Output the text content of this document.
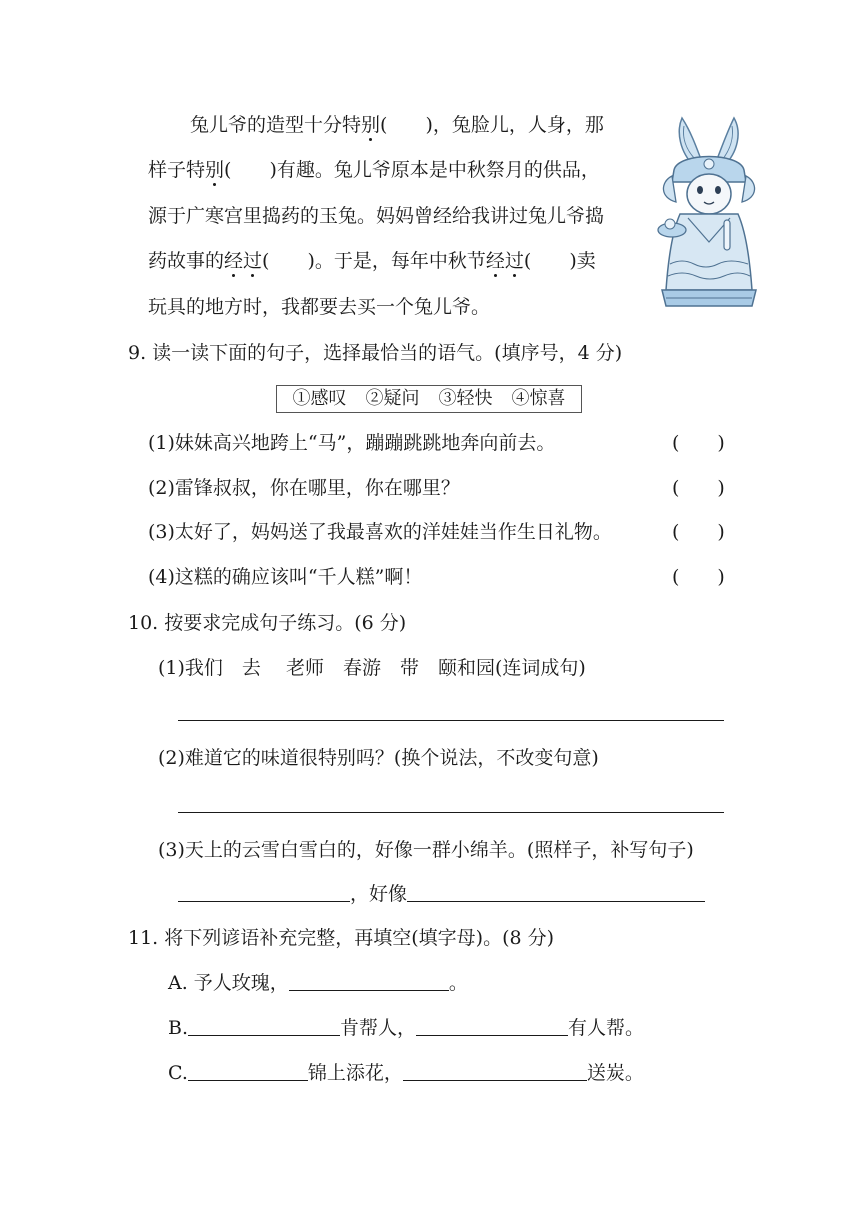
兔儿爷的造型十分特别(　　)，兔脸儿，人身，那
样子特别(　　)有趣。兔儿爷原本是中秋祭月的供品，
源于广寒宫里捣药的玉兔。妈妈曾经给我讲过兔儿爷捣
药故事的经过(　　)。于是，每年中秋节经过(　　)卖
玩具的地方时，我都要去买一个兔儿爷。
9. 读一读下面的句子，选择最恰当的语气。(填序号，4 分)
①感叹 ②疑问 ③轻快 ④惊喜
(1)妹妹高兴地跨上“马”，蹦蹦跳跳地奔向前去。	(　　)
(2)雷锋叔叔，你在哪里，你在哪里？	(　　)
(3)太好了，妈妈送了我最喜欢的洋娃娃当作生日礼物。	(　　)
(4)这糕的确应该叫“千人糕”啊！	(　　)
10. 按要求完成句子练习。(6 分)
(1)我们　去　 老师　春游　带　颐和园(连词成句)
(2)难道它的味道很特别吗？(换个说法，不改变句意)
(3)天上的云雪白雪白的，好像一群小绵羊。(照样子，补写句子)
，好像
11. 将下列谚语补充完整，再填空(填字母)。(8 分)
A. 予人玫瑰，	。
B.	肯帮人，	有人帮。
C.	锦上添花，	送炭。
